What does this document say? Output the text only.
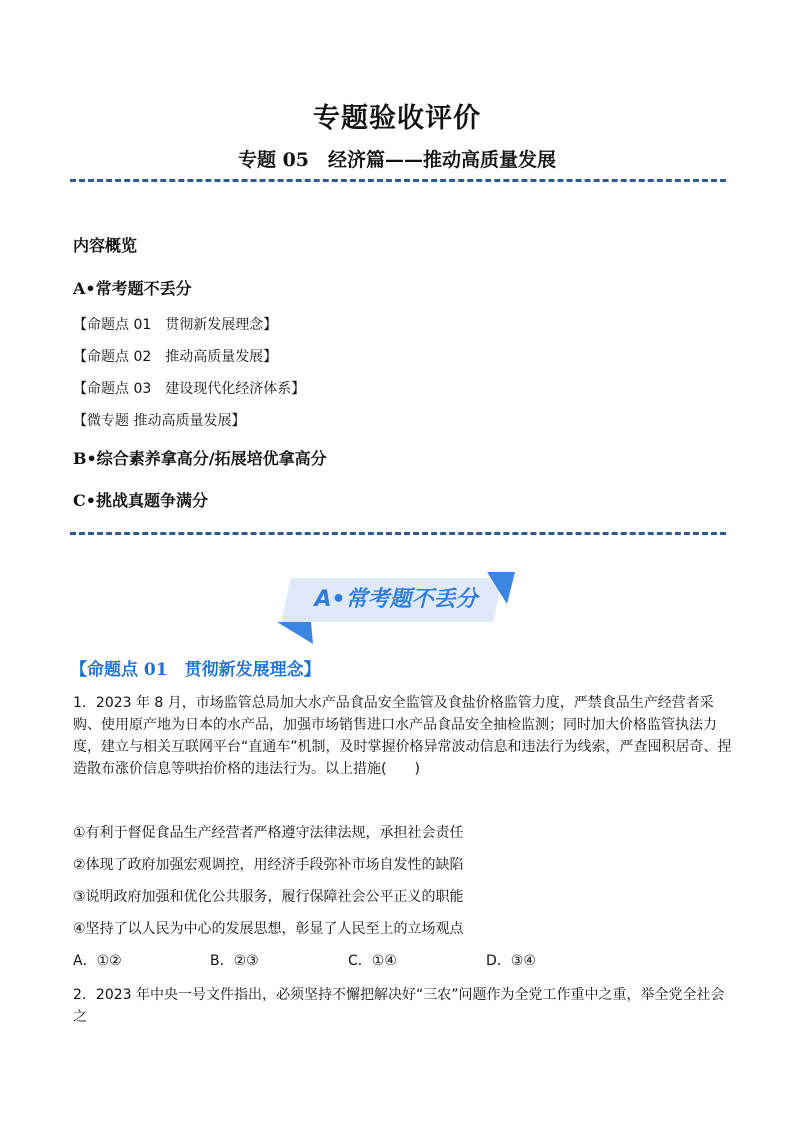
专题验收评价
专题 05　经济篇——推动高质量发展
内容概览
A•常考题不丢分
【命题点 01　贯彻新发展理念】
【命题点 02　推动高质量发展】
【命题点 03　建设现代化经济体系】
【微专题 推动高质量发展】
B•综合素养拿高分/拓展培优拿高分
C•挑战真题争满分
A•常考题不丢分
【命题点 01　贯彻新发展理念】
1．2023 年 8 月，市场监管总局加大水产品食品安全监管及食盐价格监管力度，严禁食品生产经营者采购、使用原产地为日本的水产品，加强市场销售进口水产品食品安全抽检监测；同时加大价格监管执法力度，建立与相关互联网平台“直通车”机制，及时掌握价格异常波动信息和违法行为线索，严查囤积居奇、捏造散布涨价信息等哄抬价格的违法行为。以上措施(　　)
①有利于督促食品生产经营者严格遵守法律法规，承担社会责任
②体现了政府加强宏观调控，用经济手段弥补市场自发性的缺陷
③说明政府加强和优化公共服务，履行保障社会公平正义的职能
④坚持了以人民为中心的发展思想，彰显了人民至上的立场观点
A．①②	B．②③	C．①④	D．③④
2．2023 年中央一号文件指出，必须坚持不懈把解决好“三农”问题作为全党工作重中之重，举全党全社会之
